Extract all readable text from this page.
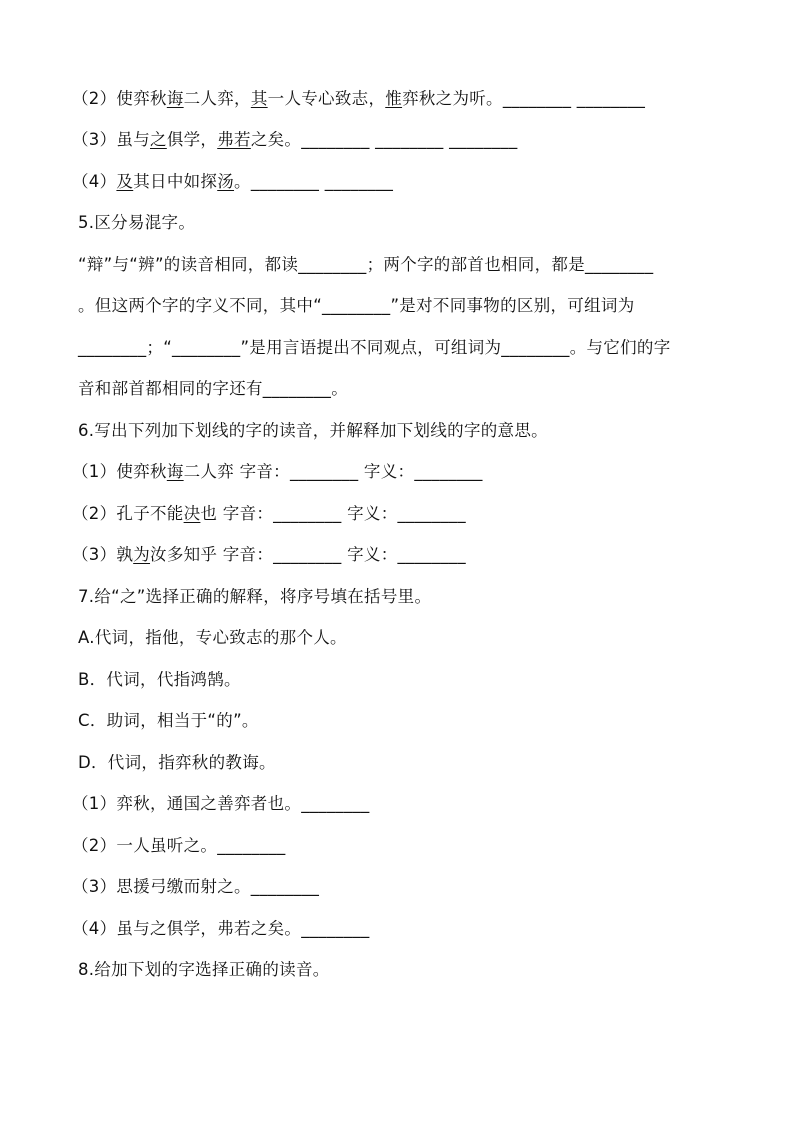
（2）使弈秋诲二人弈，其一人专心致志，惟弈秋之为听。________ ________
（3）虽与之俱学，弗若之矣。________ ________ ________
（4）及其日中如探汤。________ ________
5.区分易混字。
“辩”与“辨”的读音相同，都读________；两个字的部首也相同，都是________
。但这两个字的字义不同，其中“________”是对不同事物的区别，可组词为
________；“________”是用言语提出不同观点，可组词为________。与它们的字
音和部首都相同的字还有________。
6.写出下列加下划线的字的读音，并解释加下划线的字的意思。
（1）使弈秋诲二人弈 字音：________ 字义：________
（2）孔子不能决也 字音：________ 字义：________
（3）孰为汝多知乎 字音：________ 字义：________
7.给“之”选择正确的解释，将序号填在括号里。
A.代词，指他，专心致志的那个人。
B．代词，代指鸿鹄。
C．助词，相当于“的”。
D．代词，指弈秋的教诲。
（1）弈秋，通国之善弈者也。________
（2）一人虽听之。________
（3）思援弓缴而射之。________
（4）虽与之俱学，弗若之矣。________
8.给加下划的字选择正确的读音。
